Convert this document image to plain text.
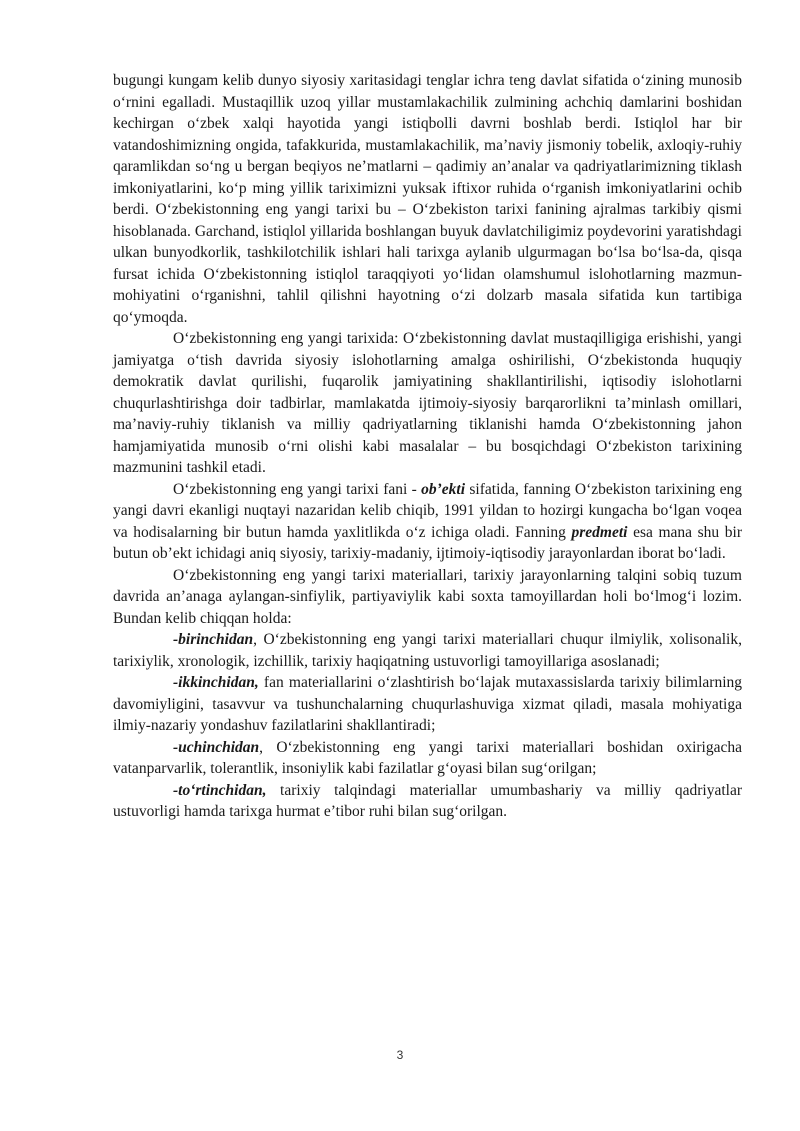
bugungi kungam kelib dunyo siyosiy xaritasidagi tenglar ichra teng davlat sifatida o‘zining munosib o‘rnini egalladi. Mustaqillik uzoq yillar mustamlakachilik zulmining achchiq damlarini boshidan kechirgan o‘zbek xalqi hayotida yangi istiqbolli davrni boshlab berdi. Istiqlol har bir vatandoshimizning ongida, tafakkurida, mustamlakachilik, ma’naviy jismoniy tobelik, axloqiy-ruhiy qaramlikdan so‘ng u bergan beqiyos ne’matlarni – qadimiy an’analar va qadriyatlarimizning tiklash imkoniyatlarini, ko‘p ming yillik tariximizni yuksak iftixor ruhida o‘rganish imkoniyatlarini ochib berdi. O‘zbekistonning eng yangi tarixi bu – O‘zbekiston tarixi fanining ajralmas tarkibiy qismi hisoblanada. Garchand, istiqlol yillarida boshlangan buyuk davlatchiligimiz poydevorini yaratishdagi ulkan bunyodkorlik, tashkilotchilik ishlari hali tarixga aylanib ulgurmagan bo‘lsa bo‘lsa-da, qisqa fursat ichida O‘zbekistonning istiqlol taraqqiyoti yo‘lidan olamshumul islohotlarning mazmun-mohiyatini o‘rganishni, tahlil qilishni hayotning o‘zi dolzarb masala sifatida kun tartibiga qo‘ymoqda.

O‘zbekistonning eng yangi tarixida: O‘zbekistonning davlat mustaqilligiga erishishi, yangi jamiyatga o‘tish davrida siyosiy islohotlarning amalga oshirilishi, O‘zbekistonda huquqiy demokratik davlat qurilishi, fuqarolik jamiyatining shakllantirilishi, iqtisodiy islohotlarni chuqurlashtirishga doir tadbirlar, mamlakatda ijtimoiy-siyosiy barqarorlikni ta’minlash omillari, ma’naviy-ruhiy tiklanish va milliy qadriyatlarning tiklanishi hamda O‘zbekistonning jahon hamjamiyatida munosib o‘rni olishi kabi masalalar – bu bosqichdagi O‘zbekiston tarixining mazmunini tashkil etadi.

O‘zbekistonning eng yangi tarixi fani - ob’ekti sifatida, fanning O‘zbekiston tarixining eng yangi davri ekanligi nuqtayi nazaridan kelib chiqib, 1991 yildan to hozirgi kungacha bo‘lgan voqea va hodisalarning bir butun hamda yaxlitlikda o‘z ichiga oladi. Fanning predmeti esa mana shu bir butun ob’ekt ichidagi aniq siyosiy, tarixiy-madaniy, ijtimoiy-iqtisodiy jarayonlardan iborat bo‘ladi.

O‘zbekistonning eng yangi tarixi materiallari, tarixiy jarayonlarning talqini sobiq tuzum davrida an’anaga aylangan-sinfiylik, partiyaviylik kabi soxta tamoyillardan holi bo‘lmog‘i lozim. Bundan kelib chiqqan holda:

-birinchidan, O‘zbekistonning eng yangi tarixi materiallari chuqur ilmiylik, xolisonalik, tarixiylik, xronologik, izchillik, tarixiy haqiqatning ustuvorligi tamoyillariga asoslanadi;

-ikkinchidan, fan materiallarini o‘zlashtirish bo‘lajak mutaxassislarda tarixiy bilimlarning davomiyligini, tasavvur va tushunchalarning chuqurlashuviga xizmat qiladi, masala mohiyatiga ilmiy-nazariy yondashuv fazilatlarini shakllantiradi;

-uchinchidan, O‘zbekistonning eng yangi tarixi materiallari boshidan oxirigacha vatanparvarlik, tolerantlik, insoniylik kabi fazilatlar g‘oyasi bilan sug‘orilgan;

-to‘rtinchidan, tarixiy talqindagi materiallar umumbashariy va milliy qadriyatlar ustuvorligi hamda tarixga hurmat e’tibor ruhi bilan sug‘orilgan.

3
